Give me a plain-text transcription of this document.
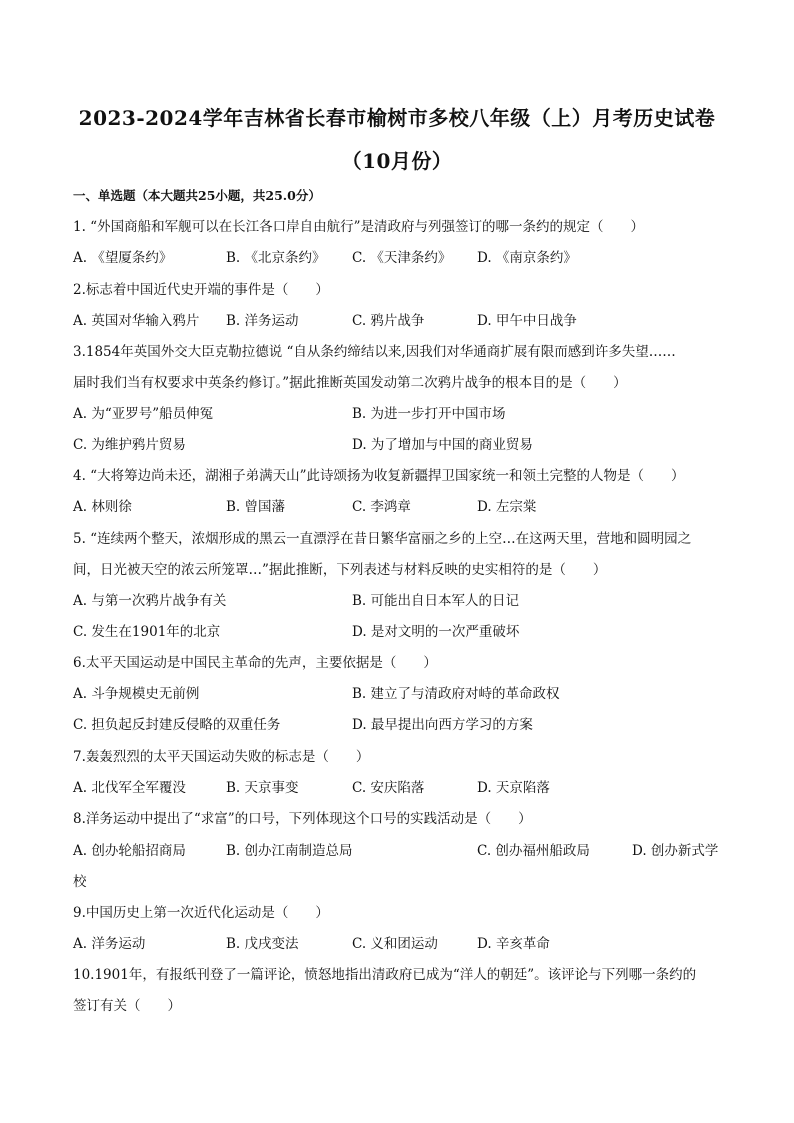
2023-2024学年吉林省长春市榆树市多校八年级（上）月考历史试卷
（10月份）
一、单选题（本大题共25小题，共25.0分）
1. “外国商船和军舰可以在长江各口岸自由航行”是清政府与列强签订的哪一条约的规定（　　）
A. 《望厦条约》	B. 《北京条约》 C. 《天津条约》 D. 《南京条约》
2.标志着中国近代史开端的事件是（　　）
A. 英国对华输入鸦片 B. 洋务运动	C. 鸦片战争	D. 甲午中日战争
3.1854年英国外交大臣克勒拉德说 “自从条约缔结以来,因我们对华通商扩展有限而感到许多失望……
届时我们当有权要求中英条约修订。”据此推断英国发动第二次鸦片战争的根本目的是（　　）
A. 为“亚罗号”船员伸冤	B. 为进一步打开中国市场
C. 为维护鸦片贸易	D. 为了增加与中国的商业贸易
4. “大将筹边尚未还，湖湘子弟满天山”此诗颂扬为收复新疆捍卫国家统一和领土完整的人物是（　　）
A. 林则徐	B. 曾国藩	C. 李鸿章	D. 左宗棠
5. “连续两个整天，浓烟形成的黑云一直漂浮在昔日繁华富丽之乡的上空…在这两天里，营地和圆明园之
间，日光被天空的浓云所笼罩…”据此推断，下列表述与材料反映的史实相符的是（　　）
A. 与第一次鸦片战争有关	B. 可能出自日本军人的日记
C. 发生在1901年的北京	D. 是对文明的一次严重破坏
6.太平天国运动是中国民主革命的先声，主要依据是（　　）
A. 斗争规模史无前例	B. 建立了与清政府对峙的革命政权
C. 担负起反封建反侵略的双重任务	D. 最早提出向西方学习的方案
7.轰轰烈烈的太平天国运动失败的标志是（　　）
A. 北伐军全军覆没	B. 天京事变	C. 安庆陷落	D. 天京陷落
8.洋务运动中提出了“求富”的口号，下列体现这个口号的实践活动是（　　）
A. 创办轮船招商局	B. 创办江南制造总局	C. 创办福州船政局	D. 创办新式学
校
9.中国历史上第一次近代化运动是（　　）
A. 洋务运动	B. 戊戌变法	C. 义和团运动	D. 辛亥革命
10.1901年，有报纸刊登了一篇评论，愤怒地指出清政府已成为“洋人的朝廷”。该评论与下列哪一条约的
签订有关（　　）
